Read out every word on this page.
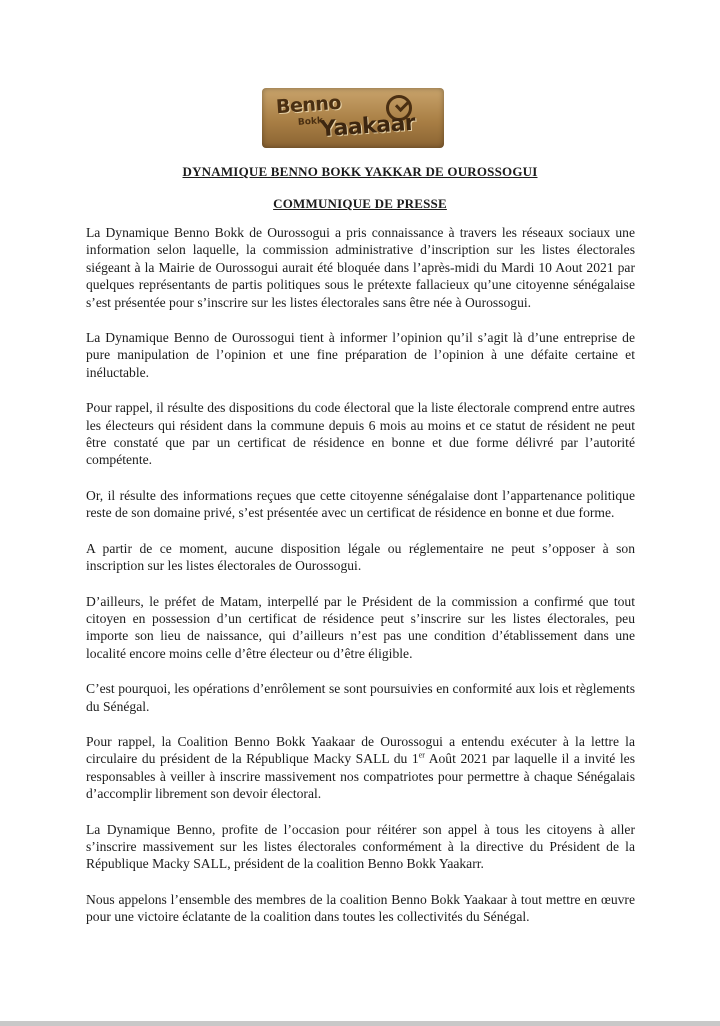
Benno
Bokk
Yaakaar
DYNAMIQUE BENNO BOKK YAKKAR DE OUROSSOGUI
COMMUNIQUE DE PRESSE

La Dynamique Benno Bokk de Ourossogui a pris connaissance à travers les réseaux sociaux une information selon laquelle, la commission administrative d’inscription sur les listes électorales siégeant à la Mairie de Ourossogui aurait été bloquée dans l’après-midi du Mardi 10 Aout 2021 par quelques représentants de partis politiques sous le prétexte fallacieux qu’une citoyenne sénégalaise s’est présentée pour s’inscrire sur les listes électorales sans être née à Ourossogui.

La Dynamique Benno de Ourossogui tient à informer l’opinion qu’il s’agit là d’une entreprise de pure manipulation de l’opinion et une fine préparation de l’opinion à une défaite certaine et inéluctable.

Pour rappel, il résulte des dispositions du code électoral que la liste électorale comprend entre autres les électeurs qui résident dans la commune depuis 6 mois au moins et ce statut de résident ne peut être constaté que par un certificat de résidence en bonne et due forme délivré par l’autorité compétente.

Or, il résulte des informations reçues que cette citoyenne sénégalaise dont l’appartenance politique reste de son domaine privé, s’est présentée avec un certificat de résidence en bonne et due forme.

A partir de ce moment, aucune disposition légale ou réglementaire ne peut s’opposer à son inscription sur les listes électorales de Ourossogui.

D’ailleurs, le préfet de Matam, interpellé par le Président de la commission a confirmé que tout citoyen en possession d’un certificat de résidence peut s’inscrire sur les listes électorales, peu importe son lieu de naissance, qui d’ailleurs n’est pas une condition d’établissement dans une localité encore moins celle d’être électeur ou d’être éligible.

C’est pourquoi, les opérations d’enrôlement se sont poursuivies en conformité aux lois et règlements du Sénégal.

Pour rappel, la Coalition Benno Bokk Yaakaar de Ourossogui a entendu exécuter à la lettre la circulaire du président de la République Macky SALL du 1er Août 2021 par laquelle il a invité les responsables à veiller à inscrire massivement nos compatriotes pour permettre à chaque Sénégalais d’accomplir librement son devoir électoral.

La Dynamique Benno, profite de l’occasion pour réitérer son appel à tous les citoyens à aller s’inscrire massivement sur les listes électorales conformément à la directive du Président de la République Macky SALL, président de la coalition Benno Bokk Yaakarr.

Nous appelons l’ensemble des membres de la coalition Benno Bokk Yaakaar à tout mettre en œuvre pour une victoire éclatante de la coalition dans toutes les collectivités du Sénégal.
